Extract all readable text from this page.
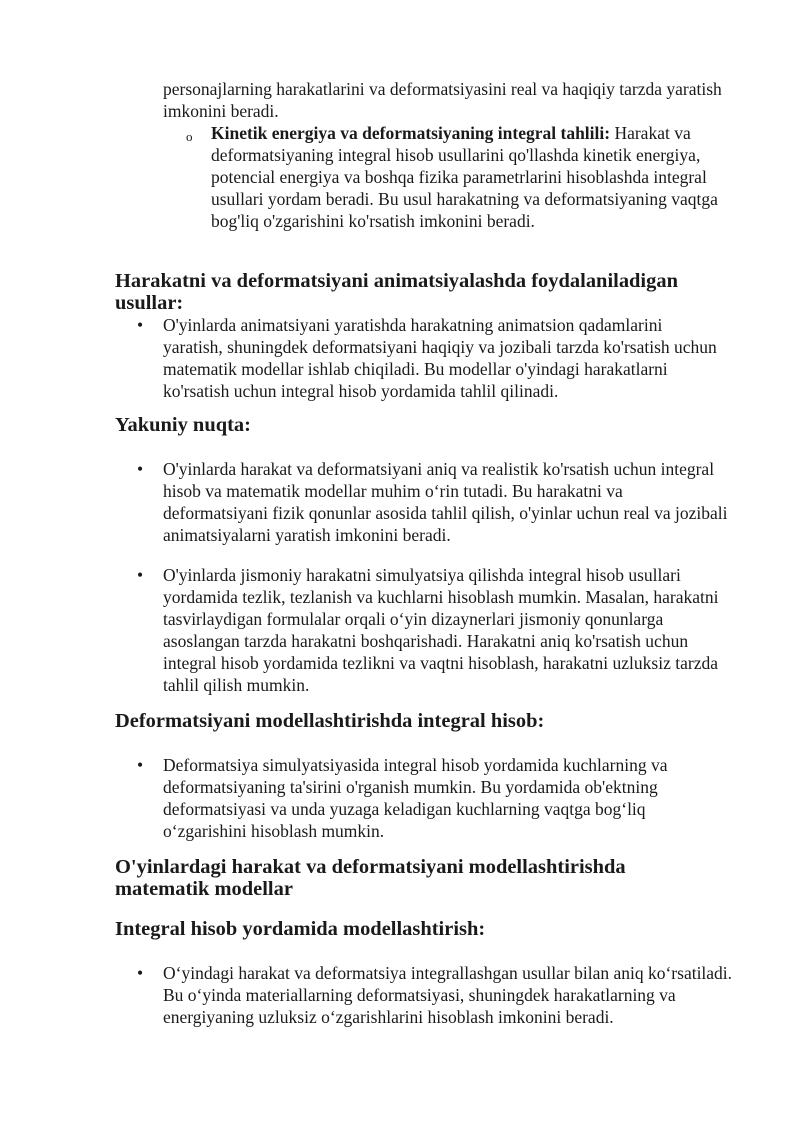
personajlarning harakatlarini va deformatsiyasini real va haqiqiy tarzda yaratish imkonini beradi.

o Kinetik energiya va deformatsiyaning integral tahlili: Harakat va deformatsiyaning integral hisob usullarini qo'llashda kinetik energiya, potencial energiya va boshqa fizika parametrlarini hisoblashda integral usullari yordam beradi. Bu usul harakatning va deformatsiyaning vaqtga bog'liq o'zgarishini ko'rsatish imkonini beradi.

Harakatni va deformatsiyani animatsiyalashda foydalaniladigan usullar:
• O'yinlarda animatsiyani yaratishda harakatning animatsion qadamlarini yaratish, shuningdek deformatsiyani haqiqiy va jozibali tarzda ko'rsatish uchun matematik modellar ishlab chiqiladi. Bu modellar o'yindagi harakatlarni ko'rsatish uchun integral hisob yordamida tahlil qilinadi.

Yakuniy nuqta:
• O'yinlarda harakat va deformatsiyani aniq va realistik ko'rsatish uchun integral hisob va matematik modellar muhim o‘rin tutadi. Bu harakatni va deformatsiyani fizik qonunlar asosida tahlil qilish, o'yinlar uchun real va jozibali animatsiyalarni yaratish imkonini beradi.

• O'yinlarda jismoniy harakatni simulyatsiya qilishda integral hisob usullari yordamida tezlik, tezlanish va kuchlarni hisoblash mumkin. Masalan, harakatni tasvirlaydigan formulalar orqali o‘yin dizaynerlari jismoniy qonunlarga asoslangan tarzda harakatni boshqarishadi. Harakatni aniq ko'rsatish uchun integral hisob yordamida tezlikni va vaqtni hisoblash, harakatni uzluksiz tarzda tahlil qilish mumkin.

Deformatsiyani modellashtirishda integral hisob:
• Deformatsiya simulyatsiyasida integral hisob yordamida kuchlarning va deformatsiyaning ta'sirini o'rganish mumkin. Bu yordamida ob'ektning deformatsiyasi va unda yuzaga keladigan kuchlarning vaqtga bog‘liq o‘zgarishini hisoblash mumkin.

O'yinlardagi harakat va deformatsiyani modellashtirishda matematik modellar
Integral hisob yordamida modellashtirish:
• O‘yindagi harakat va deformatsiya integrallashgan usullar bilan aniq ko‘rsatiladi. Bu o‘yinda materiallarning deformatsiyasi, shuningdek harakatlarning va energiyaning uzluksiz o‘zgarishlarini hisoblash imkonini beradi.
